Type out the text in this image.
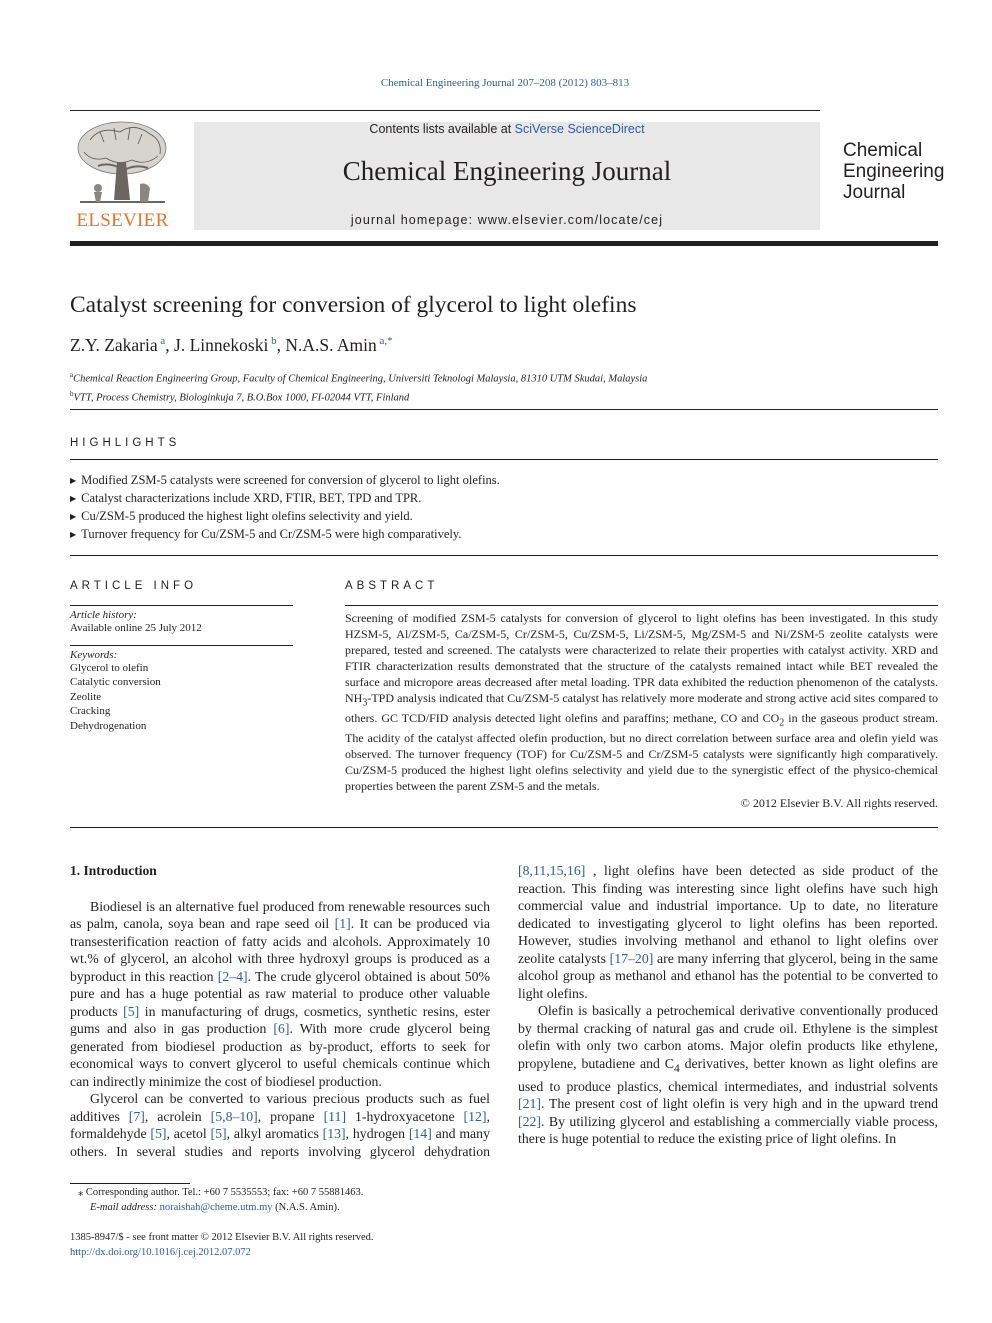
Chemical Engineering Journal 207–208 (2012) 803–813
ELSEVIER
Contents lists available at SciVerse ScienceDirect
Chemical Engineering Journal
journal homepage: www.elsevier.com/locate/cej
Chemical
Engineering
Journal
Catalyst screening for conversion of glycerol to light olefins
Z.Y. Zakaria $^a$, J. Linnekoski $^b$, N.A.S. Amin $^{a,*}$
$^a$Chemical Reaction Engineering Group, Faculty of Chemical Engineering, Universiti Teknologi Malaysia, 81310 UTM Skudai, Malaysia
$^b$VTT, Process Chemistry, Biologinkuja 7, B.O.Box 1000, FI-02044 VTT, Finland
HIGHLIGHTS
▶ Modified ZSM-5 catalysts were screened for conversion of glycerol to light olefins.
▶ Catalyst characterizations include XRD, FTIR, BET, TPD and TPR.
▶ Cu/ZSM-5 produced the highest light olefins selectivity and yield.
▶ Turnover frequency for Cu/ZSM-5 and Cr/ZSM-5 were high comparatively.
ARTICLE INFO
Article history:
Available online 25 July 2012
Keywords:
Glycerol to olefin
Catalytic conversion
Zeolite
Cracking
Dehydrogenation
ABSTRACT

Screening of modified ZSM-5 catalysts for conversion of glycerol to light olefins has been investigated. In this study HZSM-5, Al/ZSM-5, Ca/ZSM-5, Cr/ZSM-5, Cu/ZSM-5, Li/ZSM-5, Mg/ZSM-5 and Ni/ZSM-5 zeolite catalysts were prepared, tested and screened. The catalysts were characterized to relate their properties with catalyst activity. XRD and FTIR characterization results demonstrated that the structure of the catalysts remained intact while BET revealed the surface and micropore areas decreased after metal loading. TPR data exhibited the reduction phenomenon of the catalysts. $NH_3$-TPD analysis indicated that Cu/ZSM-5 catalyst has relatively more moderate and strong active acid sites compared to others. GC TCD/FID analysis detected light olefins and paraffins; methane, CO and $CO_2$ in the gaseous product stream. The acidity of the catalyst affected olefin production, but no direct correlation between surface area and olefin yield was observed. The turnover frequency (TOF) for Cu/ZSM-5 and Cr/ZSM-5 catalysts were significantly high comparatively. Cu/ZSM-5 produced the highest light olefins selectivity and yield due to the synergistic effect of the physico-chemical properties between the parent ZSM-5 and the metals.

© 2012 Elsevier B.V. All rights reserved.

1. Introduction

Biodiesel is an alternative fuel produced from renewable resources such as palm, canola, soya bean and rape seed oil [1]. It can be produced via transesterification reaction of fatty acids and alcohols. Approximately 10 wt.% of glycerol, an alcohol with three hydroxyl groups is produced as a byproduct in this reaction [2–4]. The crude glycerol obtained is about 50% pure and has a huge potential as raw material to produce other valuable products [5] in manufacturing of drugs, cosmetics, synthetic resins, ester gums and also in gas production [6]. With more crude glycerol being generated from biodiesel production as by-product, efforts to seek for economical ways to convert glycerol to useful chemicals continue which can indirectly minimize the cost of biodiesel production.

Glycerol can be converted to various precious products such as fuel additives [7], acrolein [5,8–10], propane [11] 1-hydroxyacetone [12], formaldehyde [5], acetol [5], alkyl aromatics [13], hydrogen [14] and many others. In several studies and reports involving glycerol dehydration

[8,11,15,16] , light olefins have been detected as side product of the reaction. This finding was interesting since light olefins have such high commercial value and industrial importance. Up to date, no literature dedicated to investigating glycerol to light olefins has been reported. However, studies involving methanol and ethanol to light olefins over zeolite catalysts [17–20] are many inferring that glycerol, being in the same alcohol group as methanol and ethanol has the potential to be converted to light olefins.

Olefin is basically a petrochemical derivative conventionally produced by thermal cracking of natural gas and crude oil. Ethylene is the simplest olefin with only two carbon atoms. Major olefin products like ethylene, propylene, butadiene and $C_4$ derivatives, better known as light olefins are used to produce plastics, chemical intermediates, and industrial solvents [21]. The present cost of light olefin is very high and in the upward trend [22]. By utilizing glycerol and establishing a commercially viable process, there is huge potential to reduce the existing price of light olefins. In

⁎ Corresponding author. Tel.: +60 7 5535553; fax: +60 7 55881463.
E-mail address: noraishah@cheme.utm.my (N.A.S. Amin).
1385-8947/$ - see front matter © 2012 Elsevier B.V. All rights reserved.
http://dx.doi.org/10.1016/j.cej.2012.07.072
